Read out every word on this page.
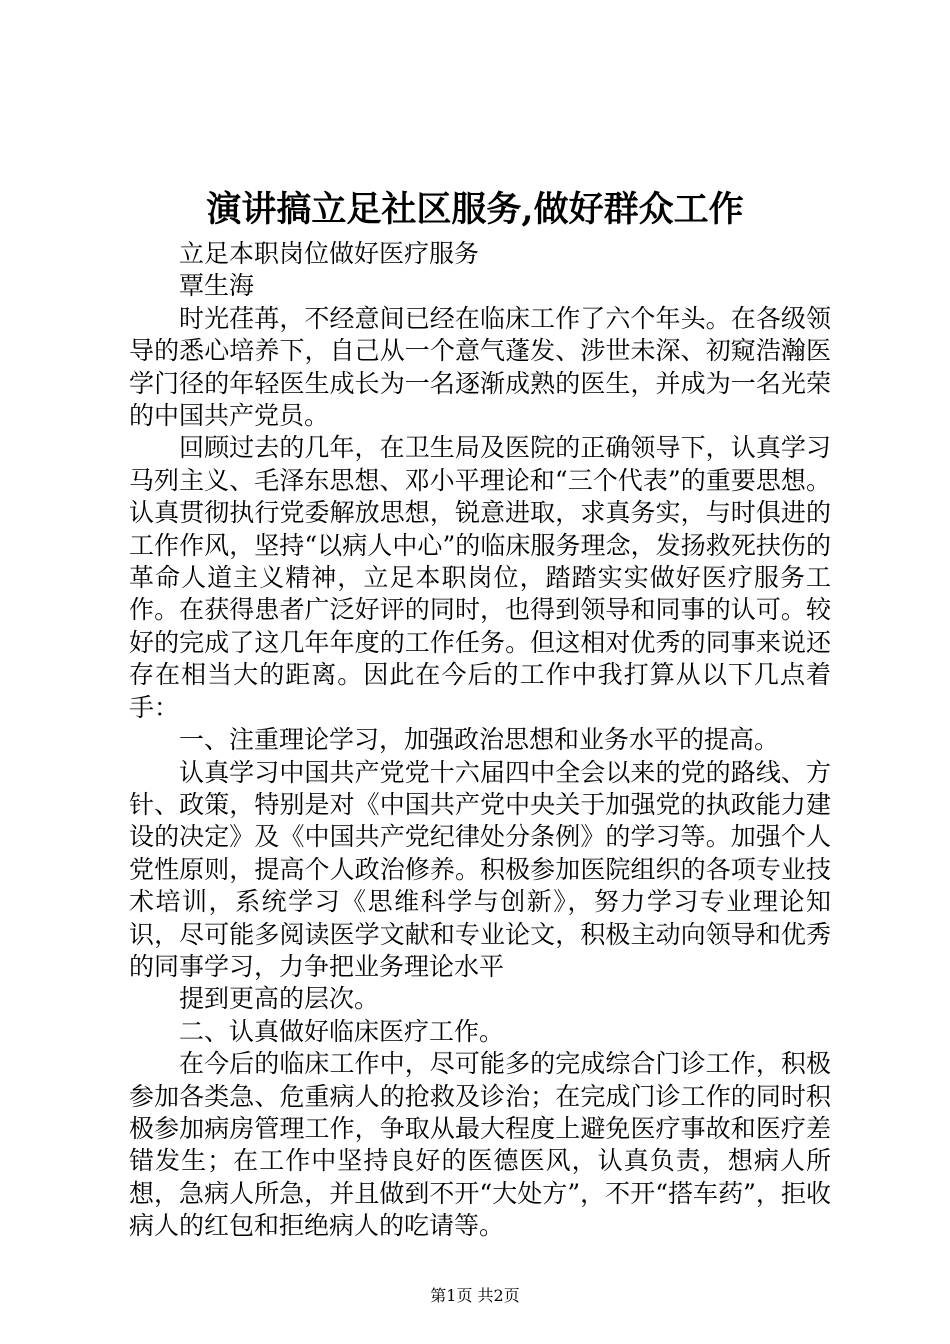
演讲搞立足社区服务,做好群众工作

立足本职岗位做好医疗服务

覃生海

时光荏苒，不经意间已经在临床工作了六个年头。在各级领导的悉心培养下，自己从一个意气蓬发、涉世未深、初窥浩瀚医学门径的年轻医生成长为一名逐渐成熟的医生，并成为一名光荣的中国共产党员。

回顾过去的几年，在卫生局及医院的正确领导下，认真学习马列主义、毛泽东思想、邓小平理论和“三个代表”的重要思想。认真贯彻执行党委解放思想，锐意进取，求真务实，与时俱进的工作作风，坚持“以病人中心”的临床服务理念，发扬救死扶伤的革命人道主义精神，立足本职岗位，踏踏实实做好医疗服务工作。在获得患者广泛好评的同时，也得到领导和同事的认可。较好的完成了这几年年度的工作任务。但这相对优秀的同事来说还存在相当大的距离。因此在今后的工作中我打算从以下几点着手：

一、注重理论学习，加强政治思想和业务水平的提高。

认真学习中国共产党党十六届四中全会以来的党的路线、方针、政策，特别是对《中国共产党中央关于加强党的执政能力建设的决定》及《中国共产党纪律处分条例》的学习等。加强个人党性原则，提高个人政治修养。积极参加医院组织的各项专业技术培训，系统学习《思维科学与创新》，努力学习专业理论知识，尽可能多阅读医学文献和专业论文，积极主动向领导和优秀的同事学习，力争把业务理论水平

提到更高的层次。

二、认真做好临床医疗工作。

在今后的临床工作中，尽可能多的完成综合门诊工作，积极参加各类急、危重病人的抢救及诊治；在完成门诊工作的同时积极参加病房管理工作，争取从最大程度上避免医疗事故和医疗差错发生；在工作中坚持良好的医德医风，认真负责，想病人所想，急病人所急，并且做到不开“大处方”，不开“搭车药”，拒收病人的红包和拒绝病人的吃请等。

第1页 共2页
